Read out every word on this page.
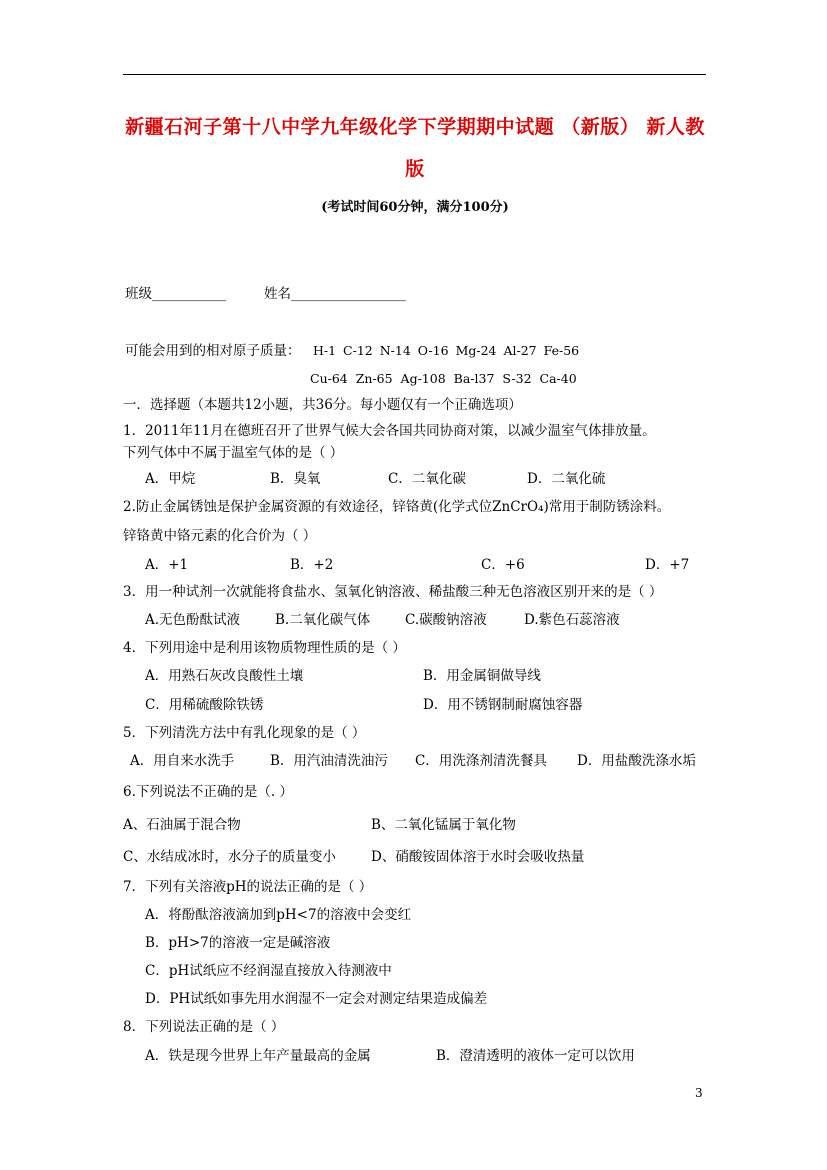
新疆石河子第十八中学九年级化学下学期期中试题 （新版） 新人教
版
(考试时间60分钟，满分100分)
班级___________	姓名_________________
可能会用到的相对原子质量： H-1 C-12 N-14 O-16 Mg-24 Al-27 Fe-56
Cu-64 Zn-65 Ag-108 Ba-l37 S-32 Ca-40
一．选择题（本题共12小题，共36分。每小题仅有一个正确选项）
1．2011年11月在德班召开了世界气候大会各国共同协商对策，以减少温室气体排放量。
下列气体中不属于温室气体的是（ ）
A．甲烷	B．臭氧	C．二氧化碳	D．二氧化硫
2.防止金属锈蚀是保护金属资源的有效途径，锌铬黄(化学式位ZnCrO₄)常用于制防锈涂料。
锌铬黄中铬元素的化合价为（ ）
A．+1	B．+2	C．+6	D．+7
3．用一种试剂一次就能将食盐水、氢氧化钠溶液、稀盐酸三种无色溶液区别开来的是（ ）
A.无色酚酞试液	B.二氧化碳气体	C.碳酸钠溶液	D.紫色石蕊溶液
4．下列用途中是利用该物质物理性质的是（ ）
A．用熟石灰改良酸性土壤	B．用金属铜做导线
C．用稀硫酸除铁锈	D．用不锈钢制耐腐蚀容器
5．下列清洗方法中有乳化现象的是（ ）
A．用自来水洗手	B．用汽油清洗油污 C．用洗涤剂清洗餐具 D．用盐酸洗涤水垢
6.下列说法不正确的是（. ）
A、石油属于混合物	B、二氧化锰属于氧化物
C、水结成冰时，水分子的质量变小	D、硝酸铵固体溶于水时会吸收热量
7．下列有关溶液pH的说法正确的是（ ）
A．将酚酞溶液滴加到pH<7的溶液中会变红
B．pH>7的溶液一定是碱溶液
C．pH试纸应不经润湿直接放入待测液中
D．PH试纸如事先用水润湿不一定会对测定结果造成偏差
8．下列说法正确的是（ ）
A．铁是现今世界上年产量最高的金属	B．澄清透明的液体一定可以饮用
3
